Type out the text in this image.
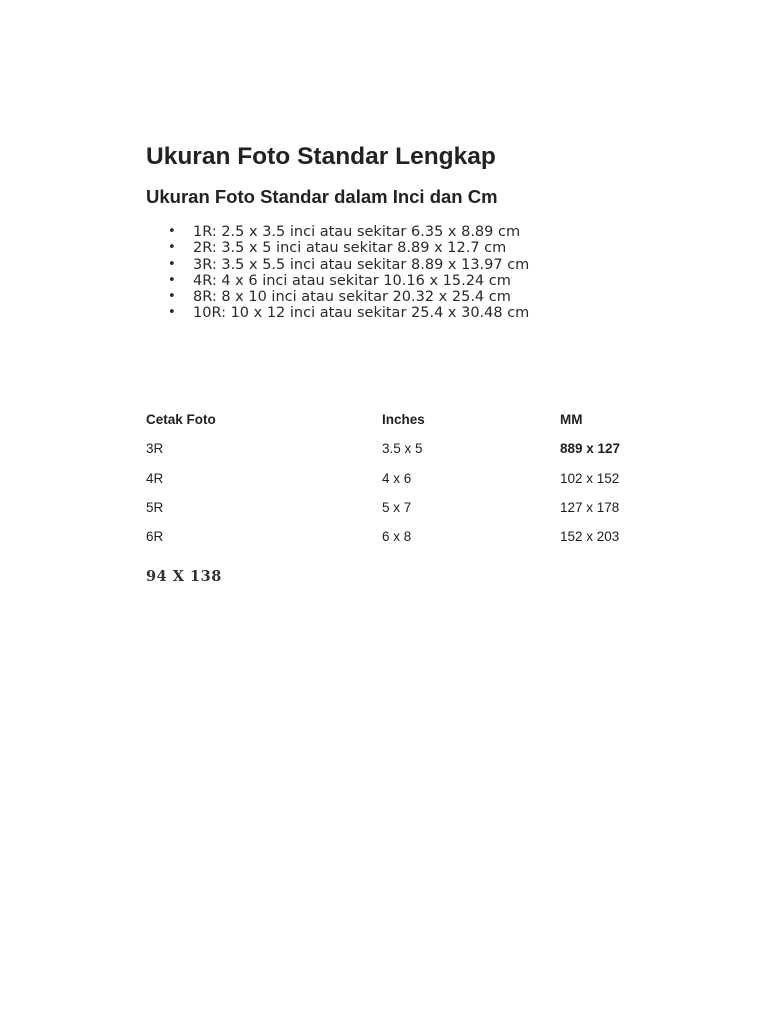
Ukuran Foto Standar Lengkap
Ukuran Foto Standar dalam Inci dan Cm
• 1R: 2.5 x 3.5 inci atau sekitar 6.35 x 8.89 cm
• 2R: 3.5 x 5 inci atau sekitar 8.89 x 12.7 cm
• 3R: 3.5 x 5.5 inci atau sekitar 8.89 x 13.97 cm
• 4R: 4 x 6 inci atau sekitar 10.16 x 15.24 cm
• 8R: 8 x 10 inci atau sekitar 20.32 x 25.4 cm
• 10R: 10 x 12 inci atau sekitar 25.4 x 30.48 cm
Cetak Foto	Inches	MM
3R	3.5 x 5	889 x 127
4R	4 x 6	102 x 152
5R	5 x 7	127 x 178
6R	6 x 8	152 x 203

94 X 138
